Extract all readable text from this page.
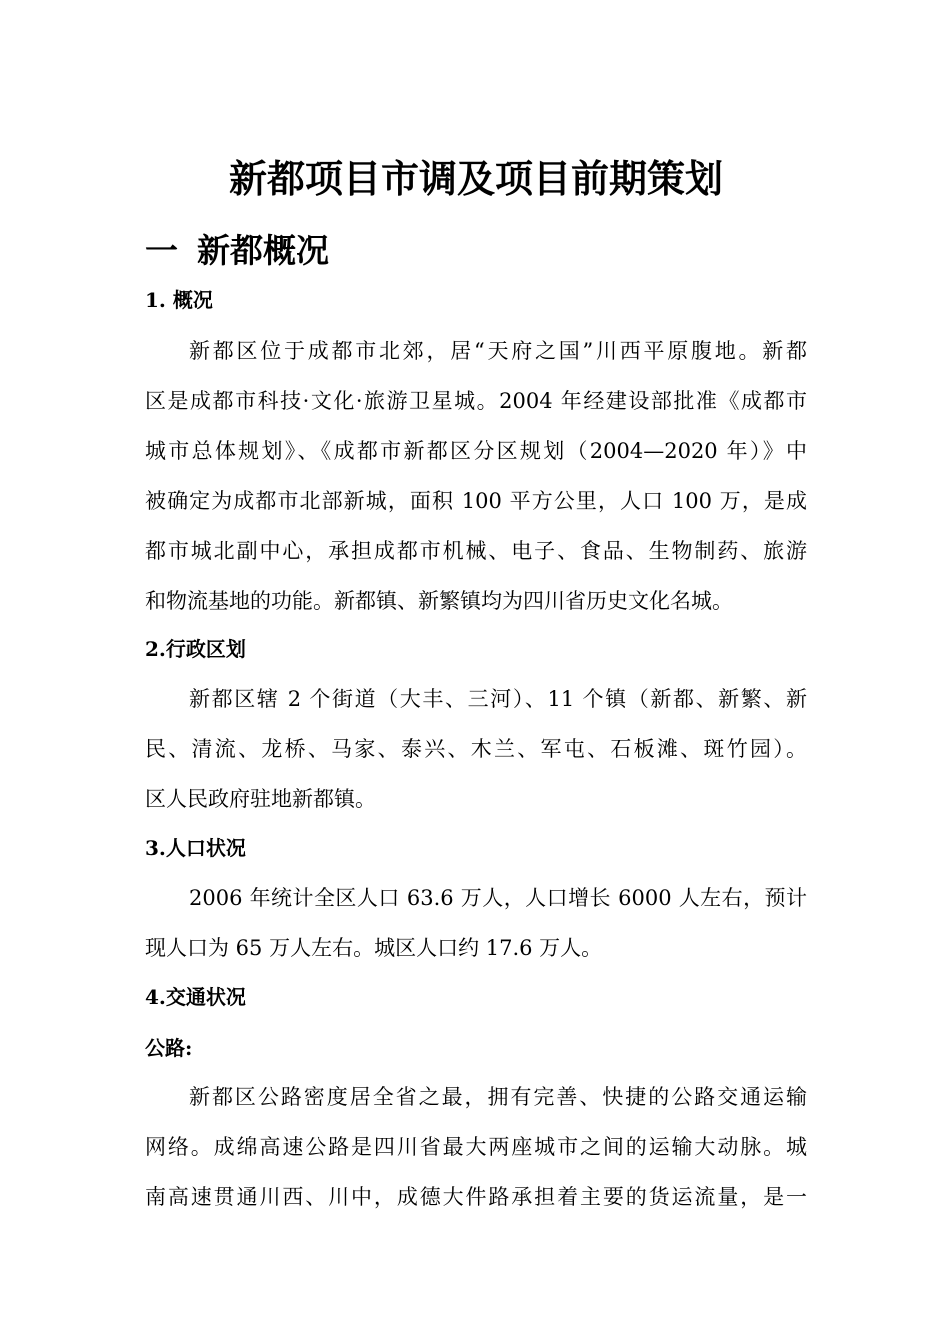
新都项目市调及项目前期策划
一 新都概况
1. 概况
新都区位于成都市北郊，居“天府之国”川西平原腹地。新都
区是成都市科技·文化·旅游卫星城。2004 年经建设部批准《成都市
城市总体规划》、《成都市新都区分区规划（2004—2020 年）》中
被确定为成都市北部新城，面积 100 平方公里，人口 100 万，是成
都市城北副中心，承担成都市机械、电子、食品、生物制药、旅游
和物流基地的功能。新都镇、新繁镇均为四川省历史文化名城。
2.行政区划
新都区辖 2 个街道（大丰、三河）、11 个镇（新都、新繁、新
民、清流、龙桥、马家、泰兴、木兰、军屯、石板滩、斑竹园）。
区人民政府驻地新都镇。
3.人口状况
2006 年统计全区人口 63.6 万人，人口增长 6000 人左右，预计
现人口为 65 万人左右。城区人口约 17.6 万人。
4.交通状况
公路:
新都区公路密度居全省之最，拥有完善、快捷的公路交通运输
网络。成绵高速公路是四川省最大两座城市之间的运输大动脉。城
南高速贯通川西、川中，成德大件路承担着主要的货运流量，是一
